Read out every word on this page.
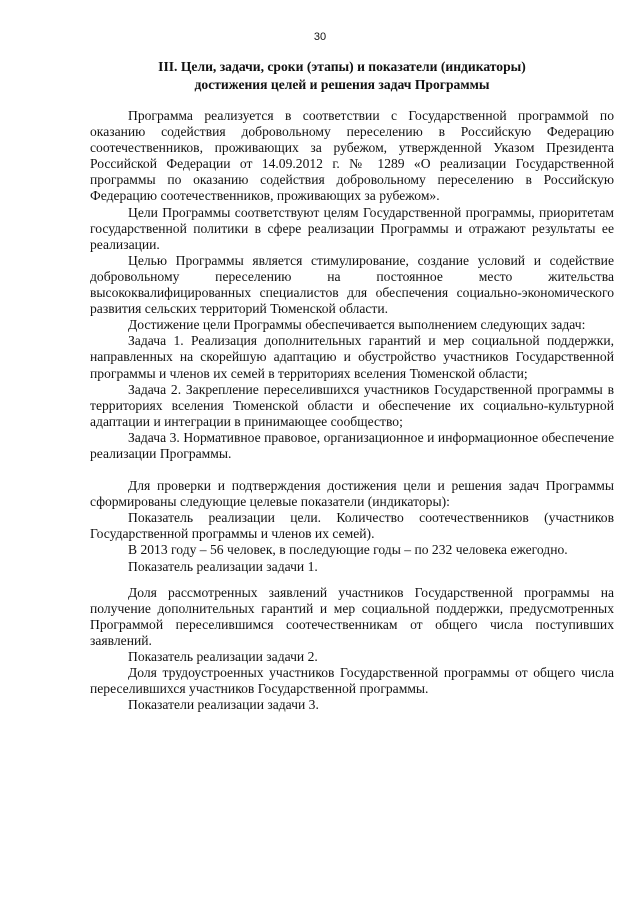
30
III. Цели, задачи, сроки (этапы) и показатели (индикаторы)
достижения целей и решения задач Программы

Программа реализуется в соответствии с Государственной программой по оказанию содействия добровольному переселению в Российскую Федерацию соотечественников, проживающих за рубежом, утвержденной Указом Президента Российской Федерации от 14.09.2012 г. № 1289 «О реализации Государственной программы по оказанию содействия добровольному переселению в Российскую Федерацию соотечественников, проживающих за рубежом».

Цели Программы соответствуют целям Государственной программы, приоритетам государственной политики в сфере реализации Программы и отражают результаты ее реализации.

Целью Программы является стимулирование, создание условий и содействие добровольному переселению на постоянное место жительства высококвалифицированных специалистов для обеспечения социально-экономического развития сельских территорий Тюменской области.

Достижение цели Программы обеспечивается выполнением следующих задач:

Задача 1. Реализация дополнительных гарантий и мер социальной поддержки, направленных на скорейшую адаптацию и обустройство участников Государственной программы и членов их семей в территориях вселения Тюменской области;

Задача 2. Закрепление переселившихся участников Государственной программы в территориях вселения Тюменской области и обеспечение их социально-культурной адаптации и интеграции в принимающее сообщество;

Задача 3. Нормативное правовое, организационное и информационное обеспечение реализации Программы.

Для проверки и подтверждения достижения цели и решения задач Программы сформированы следующие целевые показатели (индикаторы):

Показатель реализации цели. Количество соотечественников (участников Государственной программы и членов их семей).

В 2013 году – 56 человек, в последующие годы – по 232 человека ежегодно.

Показатель реализации задачи 1.

Доля рассмотренных заявлений участников Государственной программы на получение дополнительных гарантий и мер социальной поддержки, предусмотренных Программой переселившимся соотечественникам от общего числа поступивших заявлений.

Показатель реализации задачи 2.

Доля трудоустроенных участников Государственной программы от общего числа переселившихся участников Государственной программы.

Показатели реализации задачи 3.
